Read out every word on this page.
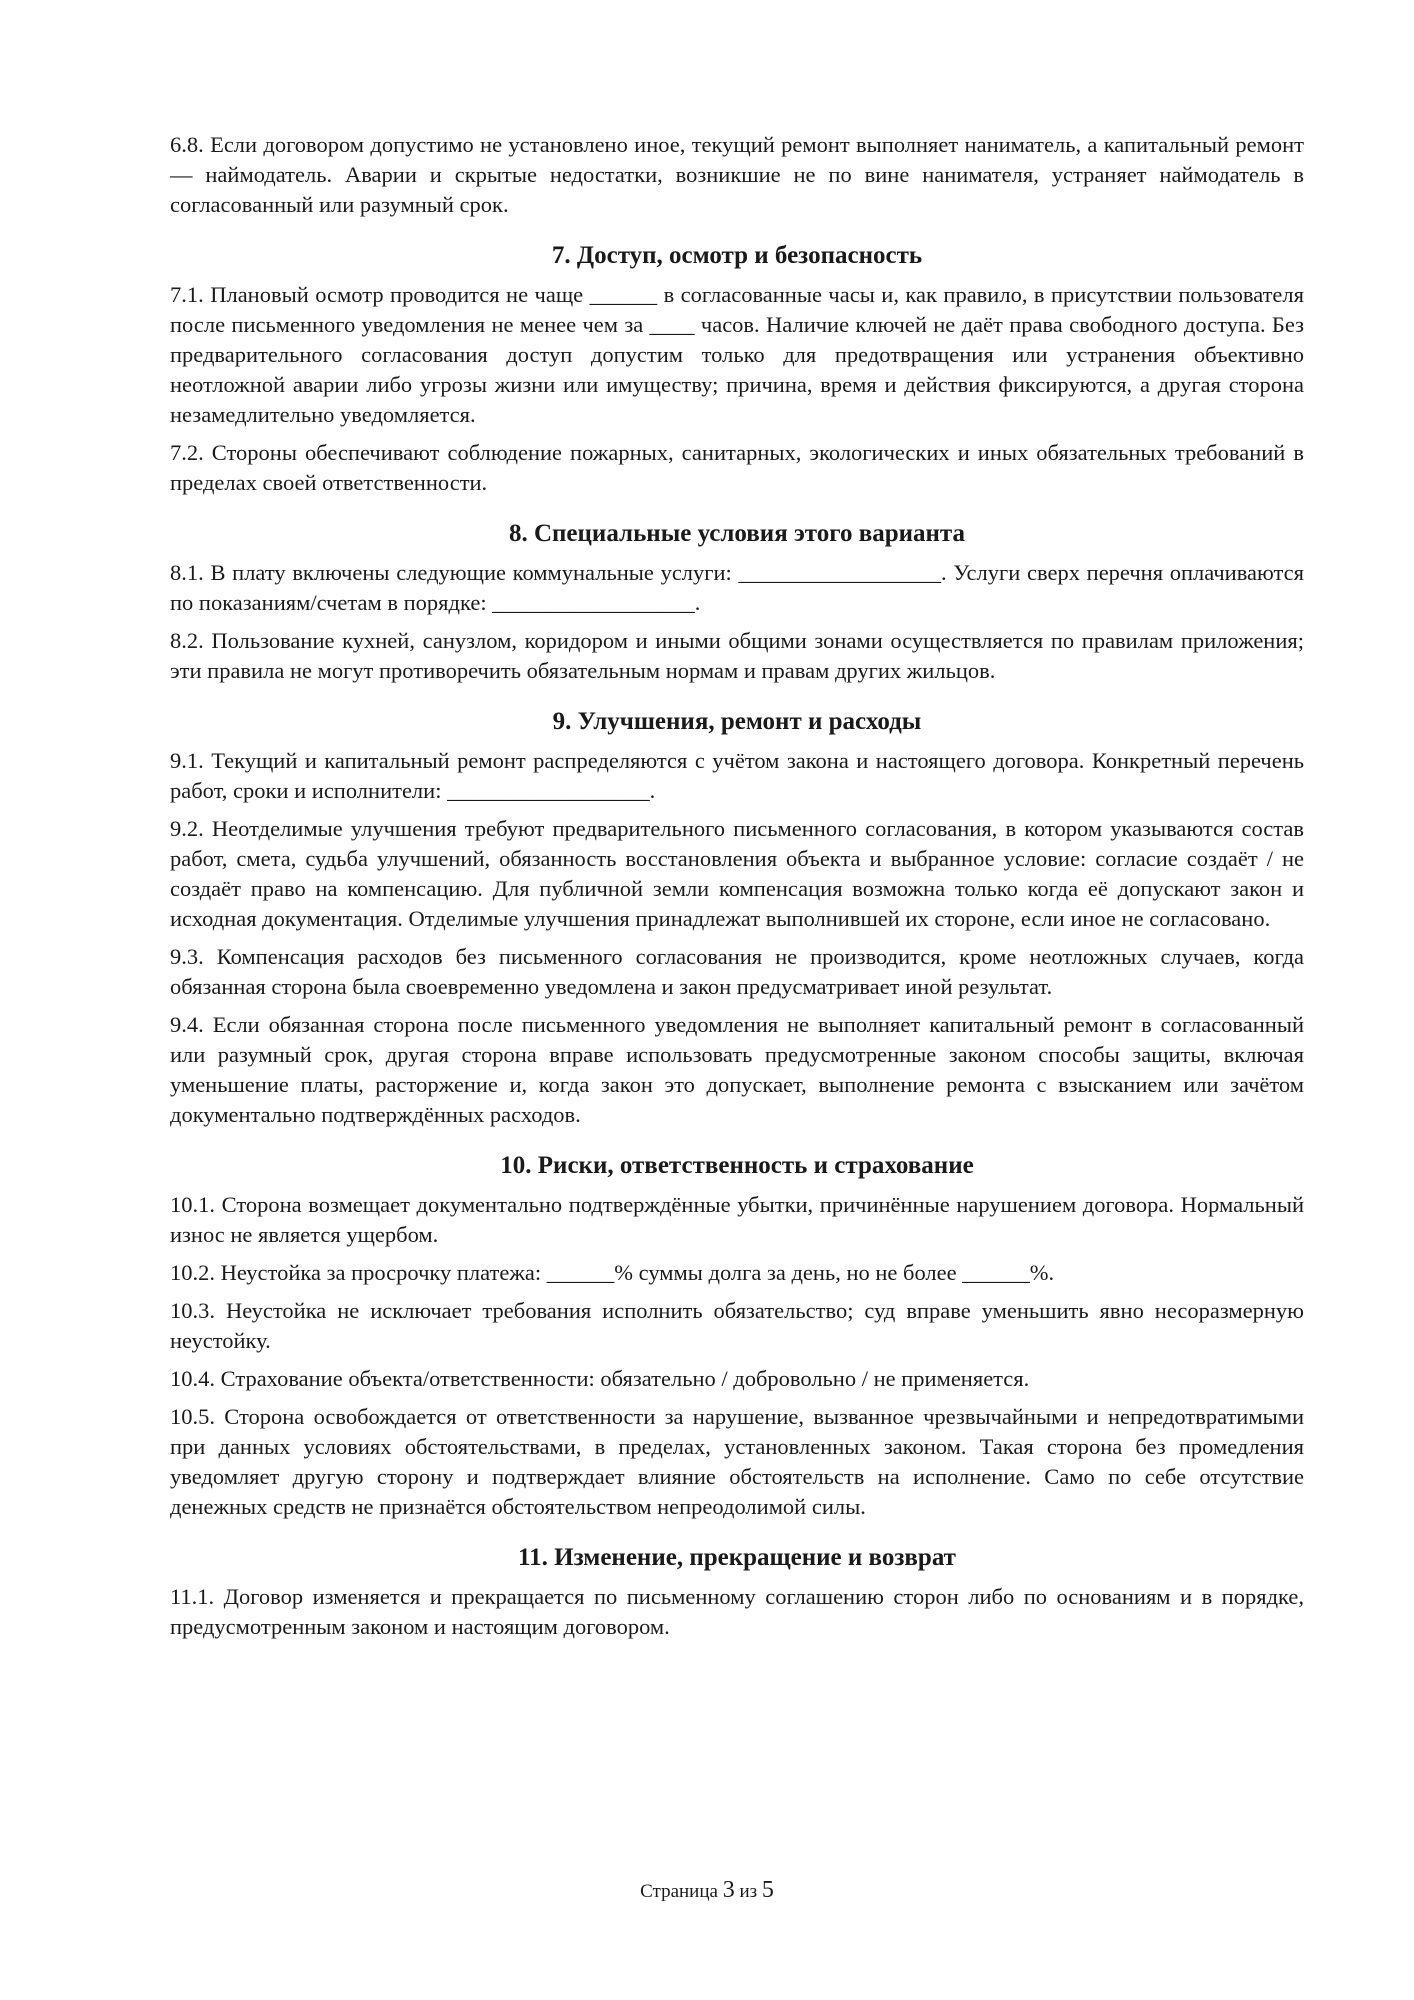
6.8. Если договором допустимо не установлено иное, текущий ремонт выполняет наниматель, а капитальный ремонт — наймодатель. Аварии и скрытые недостатки, возникшие не по вине нанимателя, устраняет наймодатель в согласованный или разумный срок.

7. Доступ, осмотр и безопасность

7.1. Плановый осмотр проводится не чаще ______ в согласованные часы и, как правило, в присутствии пользователя после письменного уведомления не менее чем за ____ часов. Наличие ключей не даёт права свободного доступа. Без предварительного согласования доступ допустим только для предотвращения или устранения объективно неотложной аварии либо угрозы жизни или имуществу; причина, время и действия фиксируются, а другая сторона незамедлительно уведомляется.

7.2. Стороны обеспечивают соблюдение пожарных, санитарных, экологических и иных обязательных требований в пределах своей ответственности.

8. Специальные условия этого варианта

8.1. В плату включены следующие коммунальные услуги: __________________. Услуги сверх перечня оплачиваются по показаниям/счетам в порядке: __________________.

8.2. Пользование кухней, санузлом, коридором и иными общими зонами осуществляется по правилам приложения; эти правила не могут противоречить обязательным нормам и правам других жильцов.

9. Улучшения, ремонт и расходы

9.1. Текущий и капитальный ремонт распределяются с учётом закона и настоящего договора. Конкретный перечень работ, сроки и исполнители: __________________.

9.2. Неотделимые улучшения требуют предварительного письменного согласования, в котором указываются состав работ, смета, судьба улучшений, обязанность восстановления объекта и выбранное условие: согласие создаёт / не создаёт право на компенсацию. Для публичной земли компенсация возможна только когда её допускают закон и исходная документация. Отделимые улучшения принадлежат выполнившей их стороне, если иное не согласовано.

9.3. Компенсация расходов без письменного согласования не производится, кроме неотложных случаев, когда обязанная сторона была своевременно уведомлена и закон предусматривает иной результат.

9.4. Если обязанная сторона после письменного уведомления не выполняет капитальный ремонт в согласованный или разумный срок, другая сторона вправе использовать предусмотренные законом способы защиты, включая уменьшение платы, расторжение и, когда закон это допускает, выполнение ремонта с взысканием или зачётом документально подтверждённых расходов.

10. Риски, ответственность и страхование

10.1. Сторона возмещает документально подтверждённые убытки, причинённые нарушением договора. Нормальный износ не является ущербом.

10.2. Неустойка за просрочку платежа: ______% суммы долга за день, но не более ______%.

10.3. Неустойка не исключает требования исполнить обязательство; суд вправе уменьшить явно несоразмерную неустойку.

10.4. Страхование объекта/ответственности: обязательно / добровольно / не применяется.

10.5. Сторона освобождается от ответственности за нарушение, вызванное чрезвычайными и непредотвратимыми при данных условиях обстоятельствами, в пределах, установленных законом. Такая сторона без промедления уведомляет другую сторону и подтверждает влияние обстоятельств на исполнение. Само по себе отсутствие денежных средств не признаётся обстоятельством непреодолимой силы.

11. Изменение, прекращение и возврат

11.1. Договор изменяется и прекращается по письменному соглашению сторон либо по основаниям и в порядке, предусмотренным законом и настоящим договором.

Страница 3 из 5
